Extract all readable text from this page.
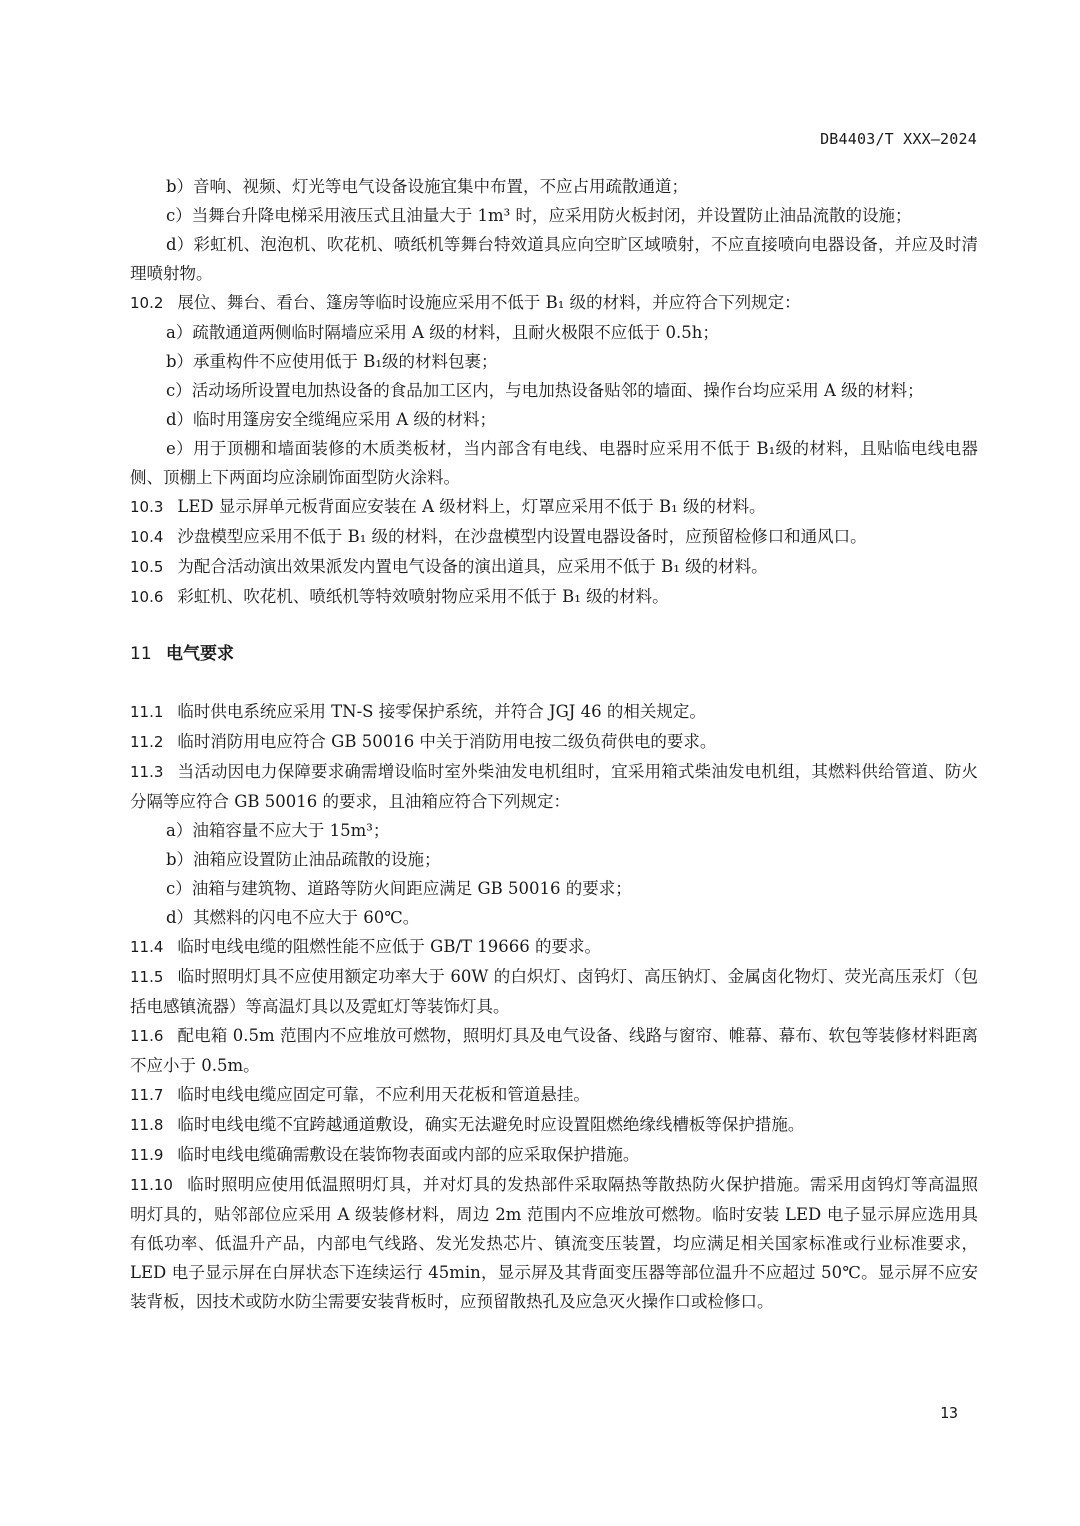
DB4403/T XXX—2024
b）音响、视频、灯光等电气设备设施宜集中布置，不应占用疏散通道；
c）当舞台升降电梯采用液压式且油量大于 1m³ 时，应采用防火板封闭，并设置防止油品流散的设施；
d）彩虹机、泡泡机、吹花机、喷纸机等舞台特效道具应向空旷区域喷射，不应直接喷向电器设备，并应及时清理喷射物。
10.2 展位、舞台、看台、篷房等临时设施应采用不低于 B₁ 级的材料，并应符合下列规定：
a）疏散通道两侧临时隔墙应采用 A 级的材料，且耐火极限不应低于 0.5h；
b）承重构件不应使用低于 B₁级的材料包裹；
c）活动场所设置电加热设备的食品加工区内，与电加热设备贴邻的墙面、操作台均应采用 A 级的材料；
d）临时用篷房安全缆绳应采用 A 级的材料；
e）用于顶棚和墙面装修的木质类板材，当内部含有电线、电器时应采用不低于 B₁级的材料，且贴临电线电器侧、顶棚上下两面均应涂刷饰面型防火涂料。
10.3 LED 显示屏单元板背面应安装在 A 级材料上，灯罩应采用不低于 B₁ 级的材料。
10.4 沙盘模型应采用不低于 B₁ 级的材料，在沙盘模型内设置电器设备时，应预留检修口和通风口。
10.5 为配合活动演出效果派发内置电气设备的演出道具，应采用不低于 B₁ 级的材料。
10.6 彩虹机、吹花机、喷纸机等特效喷射物应采用不低于 B₁ 级的材料。
11 电气要求
11.1 临时供电系统应采用 TN-S 接零保护系统，并符合 JGJ 46 的相关规定。
11.2 临时消防用电应符合 GB 50016 中关于消防用电按二级负荷供电的要求。
11.3 当活动因电力保障要求确需增设临时室外柴油发电机组时，宜采用箱式柴油发电机组，其燃料供给管道、防火分隔等应符合 GB 50016 的要求，且油箱应符合下列规定：
a）油箱容量不应大于 15m³；
b）油箱应设置防止油品疏散的设施；
c）油箱与建筑物、道路等防火间距应满足 GB 50016 的要求；
d）其燃料的闪电不应大于 60℃。
11.4 临时电线电缆的阻燃性能不应低于 GB/T 19666 的要求。
11.5 临时照明灯具不应使用额定功率大于 60W 的白炽灯、卤钨灯、高压钠灯、金属卤化物灯、荧光高压汞灯（包括电感镇流器）等高温灯具以及霓虹灯等装饰灯具。
11.6 配电箱 0.5m 范围内不应堆放可燃物，照明灯具及电气设备、线路与窗帘、帷幕、幕布、软包等装修材料距离不应小于 0.5m。
11.7 临时电线电缆应固定可靠，不应利用天花板和管道悬挂。
11.8 临时电线电缆不宜跨越通道敷设，确实无法避免时应设置阻燃绝缘线槽板等保护措施。
11.9 临时电线电缆确需敷设在装饰物表面或内部的应采取保护措施。
11.10 临时照明应使用低温照明灯具，并对灯具的发热部件采取隔热等散热防火保护措施。需采用卤钨灯等高温照明灯具的，贴邻部位应采用 A 级装修材料，周边 2m 范围内不应堆放可燃物。临时安装 LED 电子显示屏应选用具有低功率、低温升产品，内部电气线路、发光发热芯片、镇流变压装置，均应满足相关国家标准或行业标准要求，LED 电子显示屏在白屏状态下连续运行 45min，显示屏及其背面变压器等部位温升不应超过 50℃。显示屏不应安装背板，因技术或防水防尘需要安装背板时，应预留散热孔及应急灭火操作口或检修口。
13
